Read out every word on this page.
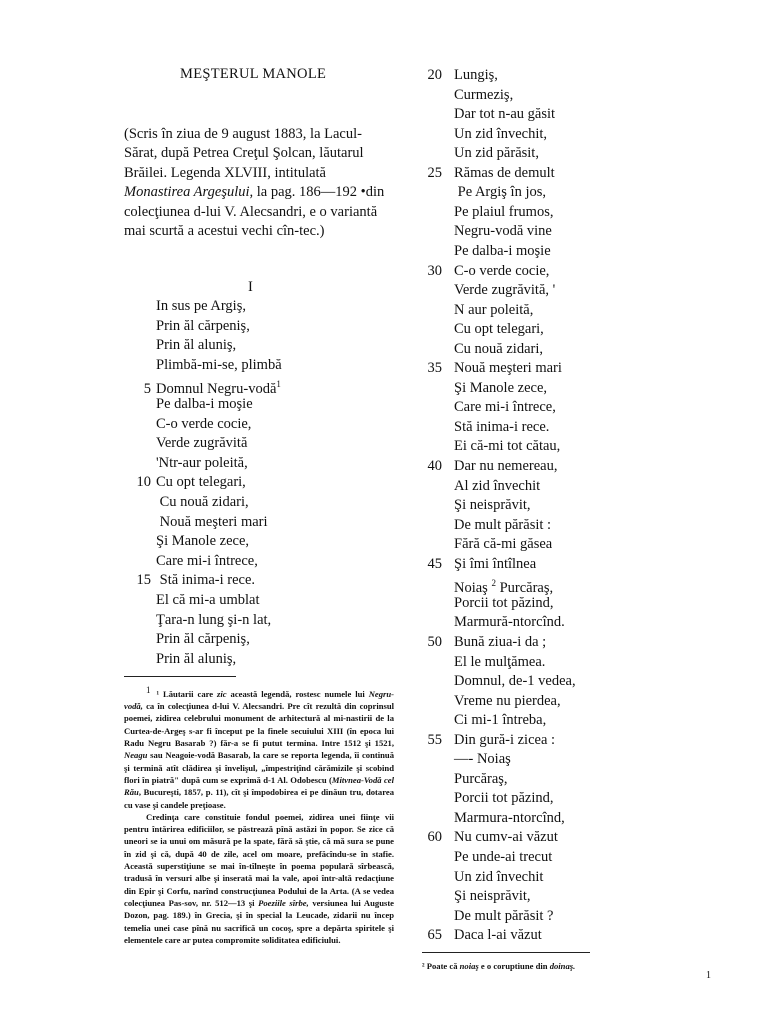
MEŞTERUL MANOLE
(Scris în ziua de 9 august 1883, la Lacul-Sărat, după Petrea Creţul Şolcan, lăutarul Brăilei. Legenda XLVIII, intitulată Monastirea Argeşului, la pag. 186—192 •din colecţiunea d-lui V. Alecsandri, e o variantă mai scurtă a acestui vechi cîn-tec.)
I
In sus pe Argiş,
Prin ăl cărpeniş,
Prin ăl aluniş,
Plimbă-mi-se, plimbă
5 Domnul Negru-vodă$^1$
Pe dalba-i moşie
C-o verde cocie,
Verde zugrăvită
'Ntr-aur poleită,
10 Cu opt telegari,
Cu nouă zidari,
Nouă meşteri mari
Şi Manole zece,
Care mi-i întrece,
15 Stă inima-i rece.
El că mi-a umblat
Ţara-n lung şi-n lat,
Prin ăl cărpeniş,
Prin ăl aluniş,
20 Lungiş,
Curmeziş,
Dar tot n-au găsit
Un zid învechit,
Un zid părăsit,
25 Rămas de demult
Pe Argiş în jos,
Pe plaiul frumos,
Negru-vodă vine
Pe dalba-i moşie
30 C-o verde cocie,
Verde zugrăvită, '
N aur poleită,
Cu opt telegari,
Cu nouă zidari,
35 Nouă meşteri mari
Şi Manole zece,
Care mi-i întrece,
Stă inima-i rece.
Ei că-mi tot cătau,
40 Dar nu nemereau,
Al zid învechit
Şi neisprăvit,
De mult părăsit :
Fără că-mi găsea
45 Şi îmi întîlnea
Noiaş $^2$ Purcăraş,
Porcii tot păzind,
Marmură-ntorcînd.
50 Bună ziua-i da ;
El le mulţămea.
Domnul, de-1 vedea,
Vreme nu pierdea,
Ci mi-1 întreba,
55 Din gură-i zicea :
—- Noiaş
Purcăraş,
Porcii tot păzind,
Marmura-ntorcînd,
60 Nu cumv-ai văzut
Pe unde-ai trecut
Un zid învechit
Şi neisprăvit,
De mult părăsit ?
65 Daca l-ai văzut

$^1$ ¹ Lăutarii care zic această legendă, rostesc numele lui Negru-vodă, ca în colecţiunea d-lui V. Alecsandri. Pre cît rezultă din coprinsul poemei, zidirea celebrului monument de arhitectură al mi-nastirii de la Curtea-de-Argeş s-ar fi început pe la finele secuiului XIII (în epoca lui Radu Negru Basarab ?) făr-a se fi putut termina. Intre 1512 şi 1521, Neagu sau Neagoie-vodă Basarab, la care se reporta legenda, îi continuă şi termină atît clădirea şi învelişul, „împestriţînd cărămizile şi scobind flori în piatră" după cum se exprimă d-1 Al. Odobescu (Mitvnea-Vodă cel Rău, Bucureşti, 1857, p. 11), cît şi împodobirea ei pe dinăun tru, dotarea cu vase şi candele preţioase.

Credinţa care constituie fondul poemei, zidirea unei fiinţe vii pentru întărirea edificiilor, se păstrează pînă astăzi în popor. Se zice că uneori se ia unui om măsură pe la spate, fără să ştie, că mă sura se pune în zid şi că, după 40 de zile, acel om moare, prefăcîndu-se în stafie. Această superstiţiune se mai în-tîlneşte în poema populară sîrbească, tradusă în versuri albe şi inserată mai la vale, apoi într-altă redacţiune din Epir şi Corfu, narînd construcţiunea Podului de la Arta. (A se vedea colecţiunea Pas-sov, nr. 512—13 şi Poeziile sîrbe, versiunea lui Auguste Dozon, pag. 189.) în Grecia, şi în special la Leucade, zidarii nu încep temelia unei case pînă nu sacrifică un cocoş, spre a depărta spiritele şi elementele care ar putea compromite soliditatea edificiului.

² Poate că noiaş e o coruptiune din doinaş.
1
